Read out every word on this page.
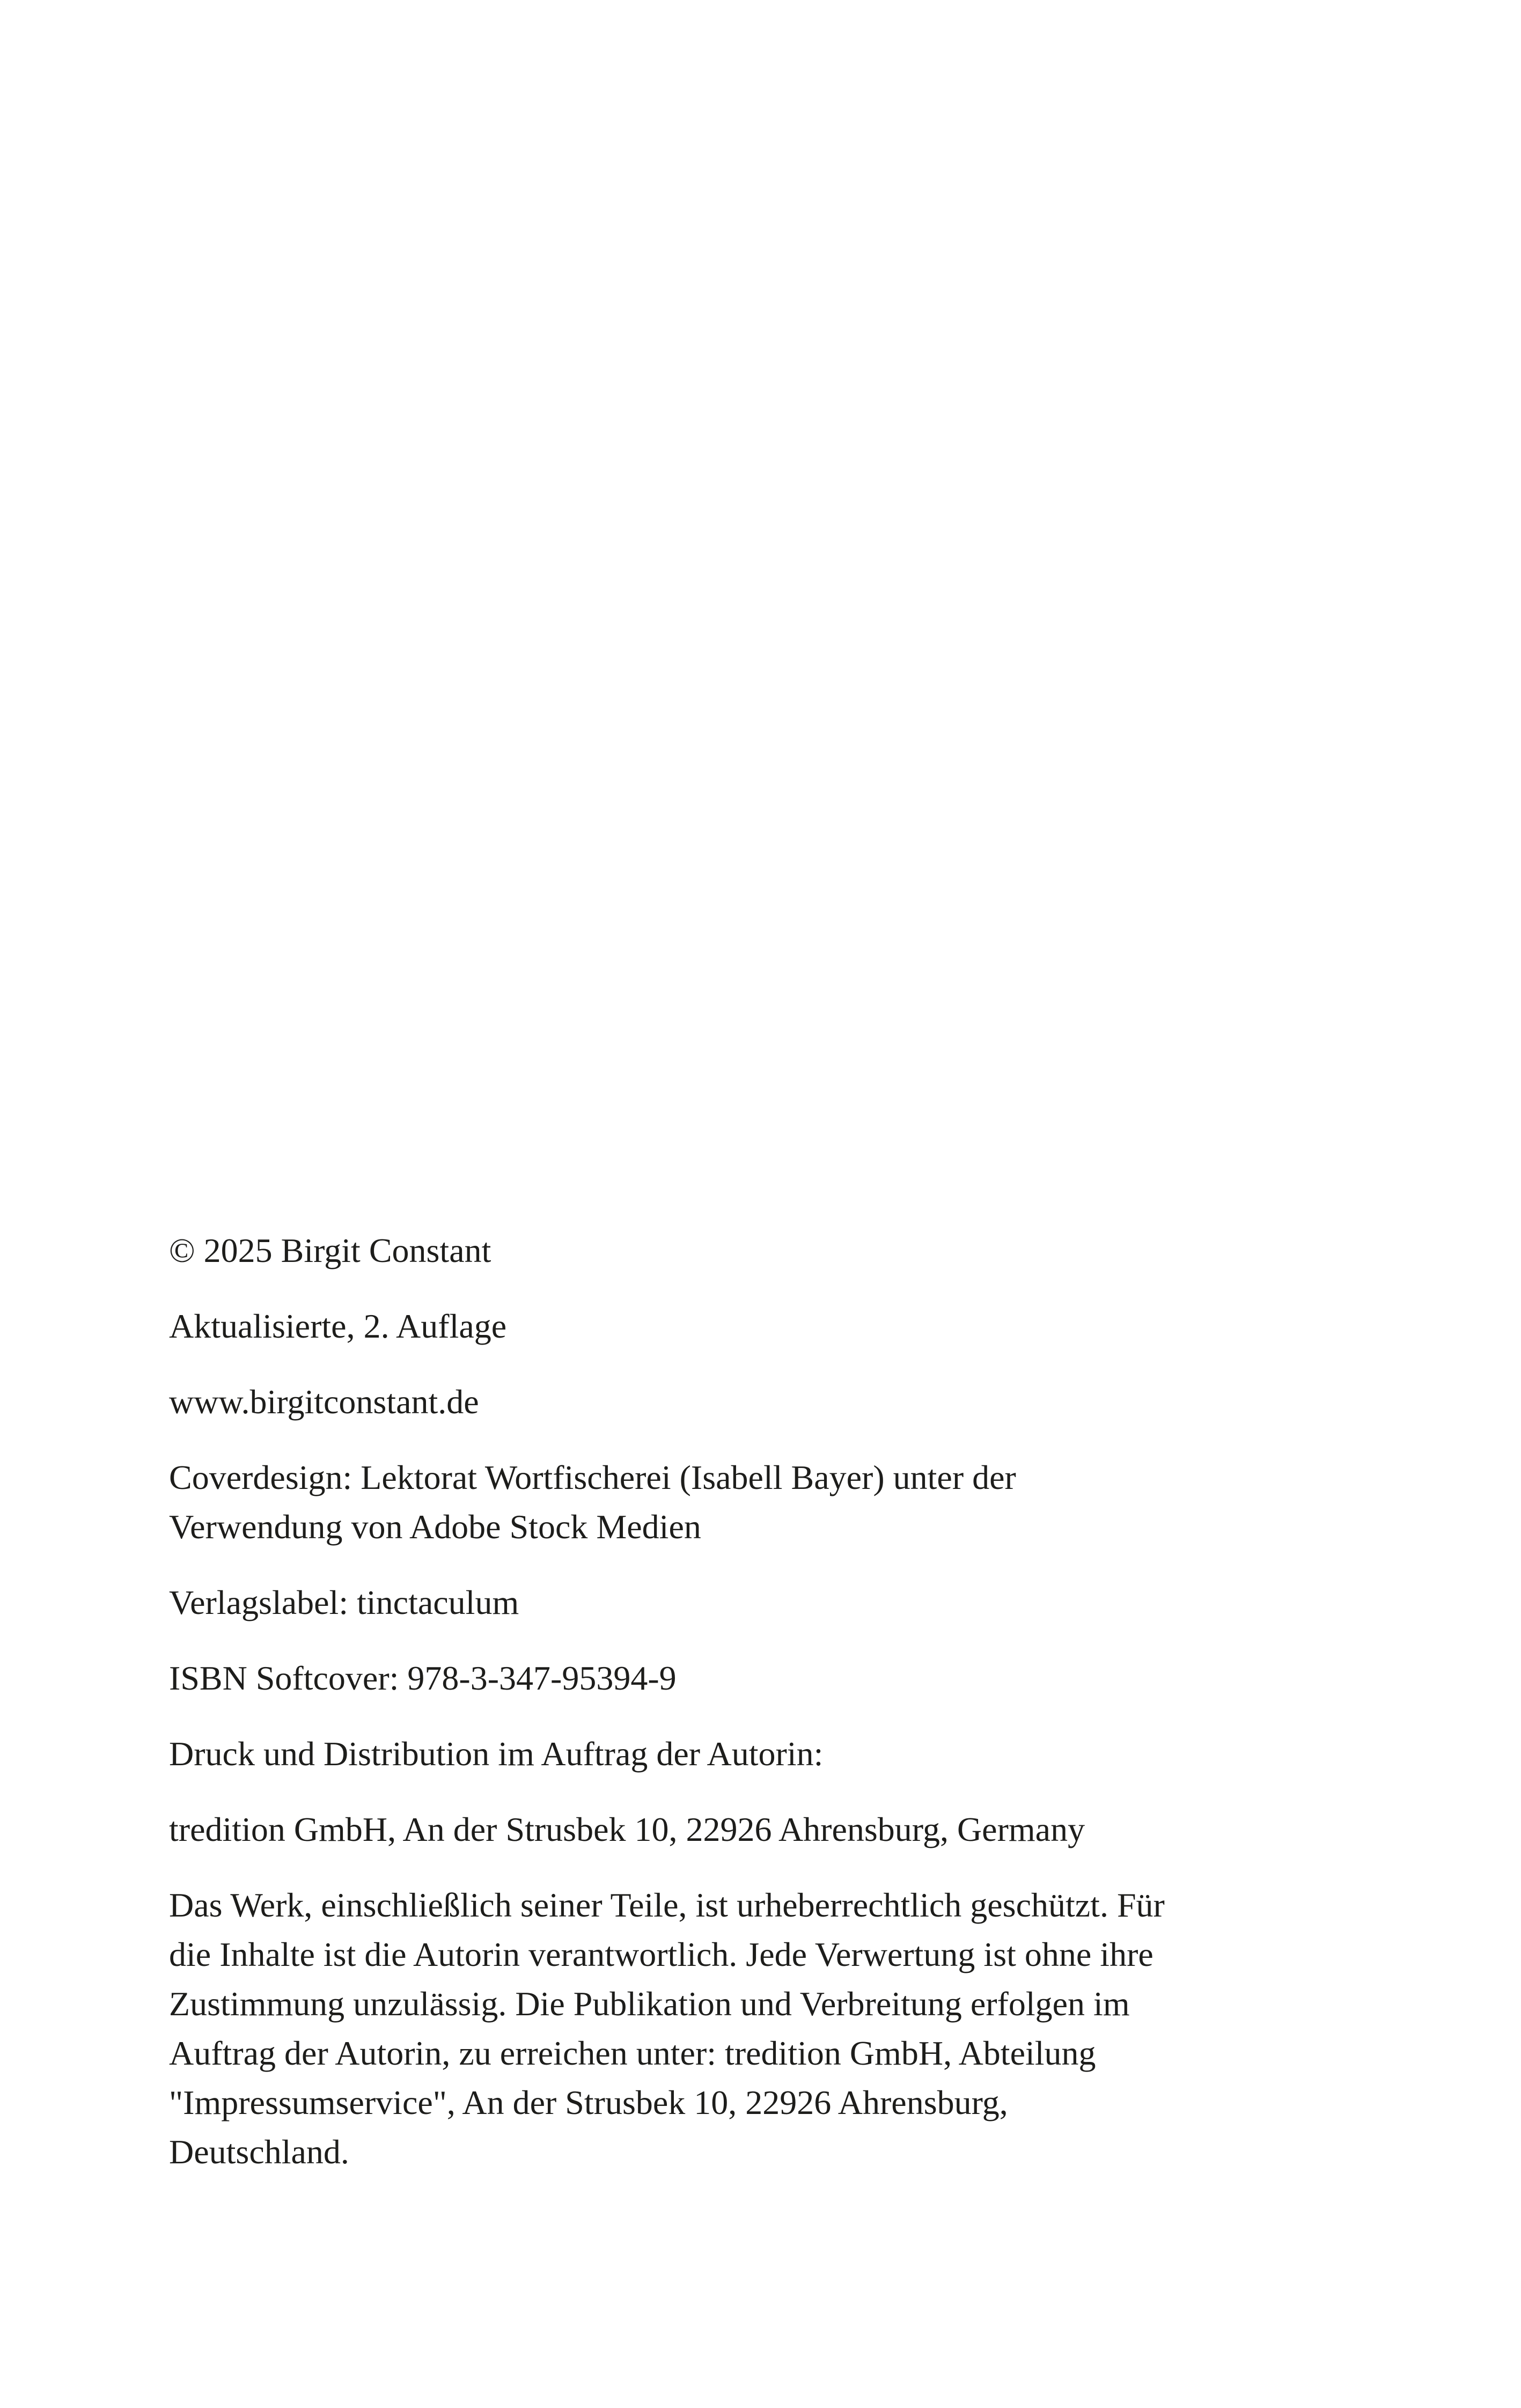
© 2025 Birgit Constant

Aktualisierte, 2. Auflage

www.birgitconstant.de

Coverdesign: Lektorat Wortfischerei (Isabell Bayer) unter der
Verwendung von Adobe Stock Medien

Verlagslabel: tinctaculum

ISBN Softcover: 978-3-347-95394-9

Druck und Distribution im Auftrag der Autorin:

tredition GmbH, An der Strusbek 10, 22926 Ahrensburg, Germany

Das Werk, einschließlich seiner Teile, ist urheberrechtlich geschützt. Für
die Inhalte ist die Autorin verantwortlich. Jede Verwertung ist ohne ihre
Zustimmung unzulässig. Die Publikation und Verbreitung erfolgen im
Auftrag der Autorin, zu erreichen unter: tredition GmbH, Abteilung
"Impressumservice", An der Strusbek 10, 22926 Ahrensburg,
Deutschland.
